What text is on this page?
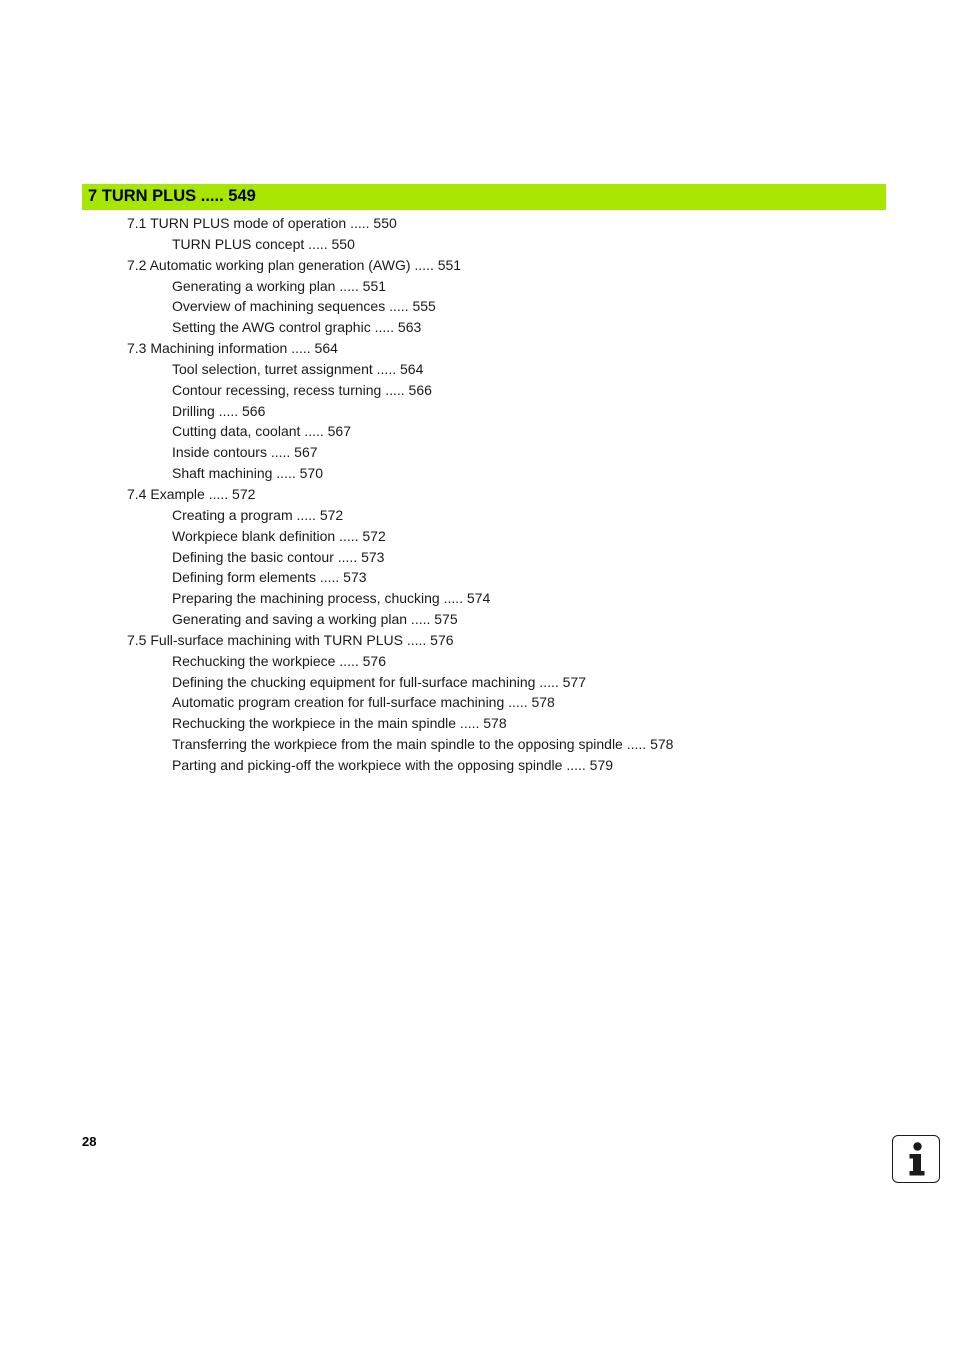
7 TURN PLUS ..... 549
7.1 TURN PLUS mode of operation ..... 550
TURN PLUS concept ..... 550
7.2 Automatic working plan generation (AWG) ..... 551
Generating a working plan ..... 551
Overview of machining sequences ..... 555
Setting the AWG control graphic ..... 563
7.3 Machining information ..... 564
Tool selection, turret assignment ..... 564
Contour recessing, recess turning ..... 566
Drilling ..... 566
Cutting data, coolant ..... 567
Inside contours ..... 567
Shaft machining ..... 570
7.4 Example ..... 572
Creating a program ..... 572
Workpiece blank definition ..... 572
Defining the basic contour ..... 573
Defining form elements ..... 573
Preparing the machining process, chucking ..... 574
Generating and saving a working plan ..... 575
7.5 Full-surface machining with TURN PLUS ..... 576
Rechucking the workpiece ..... 576
Defining the chucking equipment for full-surface machining ..... 577
Automatic program creation for full-surface machining ..... 578
Rechucking the workpiece in the main spindle ..... 578
Transferring the workpiece from the main spindle to the opposing spindle ..... 578
Parting and picking-off the workpiece with the opposing spindle ..... 579
28
